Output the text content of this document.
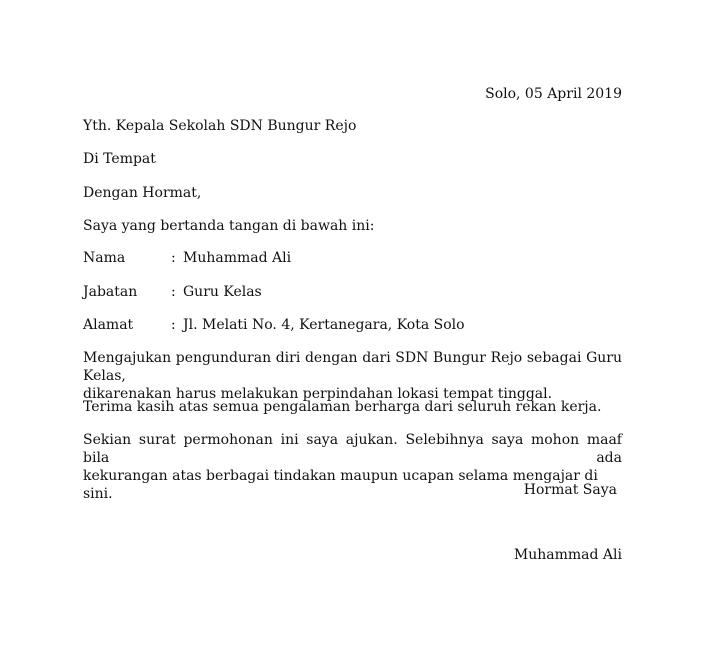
Solo, 05 April 2019
Yth. Kepala Sekolah SDN Bungur Rejo
Di Tempat
Dengan Hormat,
Saya yang bertanda tangan di bawah ini:
Nama	: Muhammad Ali
Jabatan : Guru Kelas
Alamat	: Jl. Melati No. 4, Kertanegara, Kota Solo
Mengajukan pengunduran diri dengan dari SDN Bungur Rejo sebagai Guru Kelas,
dikarenakan harus melakukan perpindahan lokasi tempat tinggal.
Terima kasih atas semua pengalaman berharga dari seluruh rekan kerja.
Sekian surat permohonan ini saya ajukan. Selebihnya saya mohon maaf bila ada
kekurangan atas berbagai tindakan maupun ucapan selama mengajar di sini.	Hormat Saya
Muhammad Ali
